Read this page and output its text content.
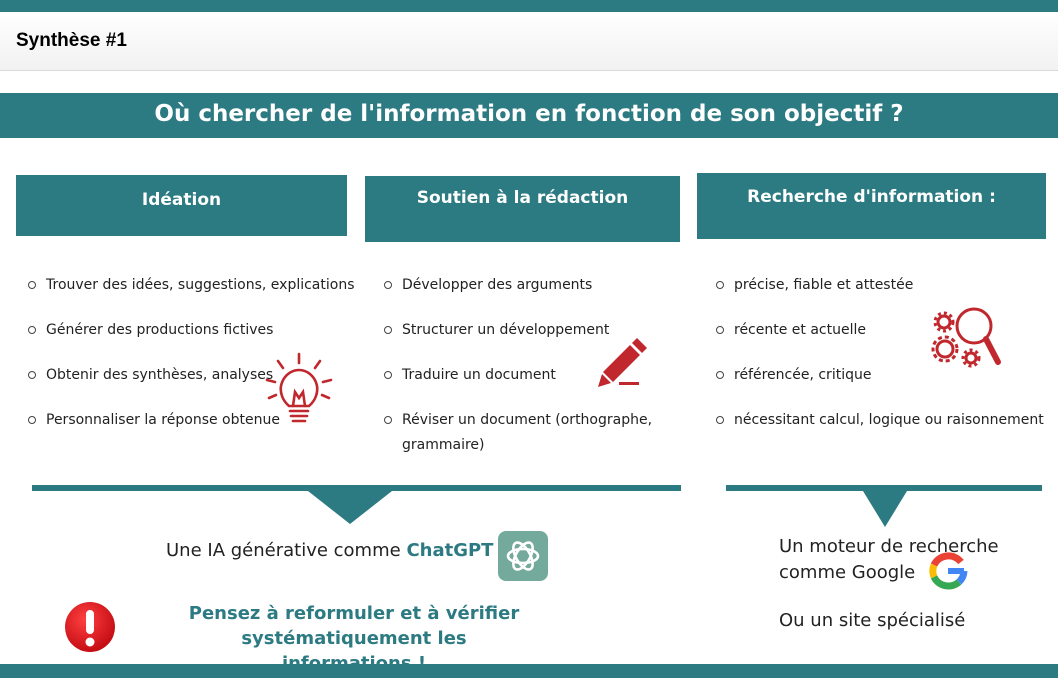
Synthèse #1
Où chercher de l'information en fonction de son objectif ?
Idéation	Soutien à la rédaction	Recherche d'information :
Trouver des idées, suggestions, explications
Générer des productions fictives
Obtenir des synthèses, analyses
Personnaliser la réponse obtenue
Développer des arguments
Structurer un développement
Traduire un document
Réviser un document (orthographe,
grammaire)
précise, fiable et attestée
récente et actuelle
référencée, critique
nécessitant calcul, logique ou raisonnement
Une IA générative comme ChatGPT
Pensez à reformuler et à vérifier
systématiquement les
Un moteur de recherche
comme Google
Ou un site spécialisé
